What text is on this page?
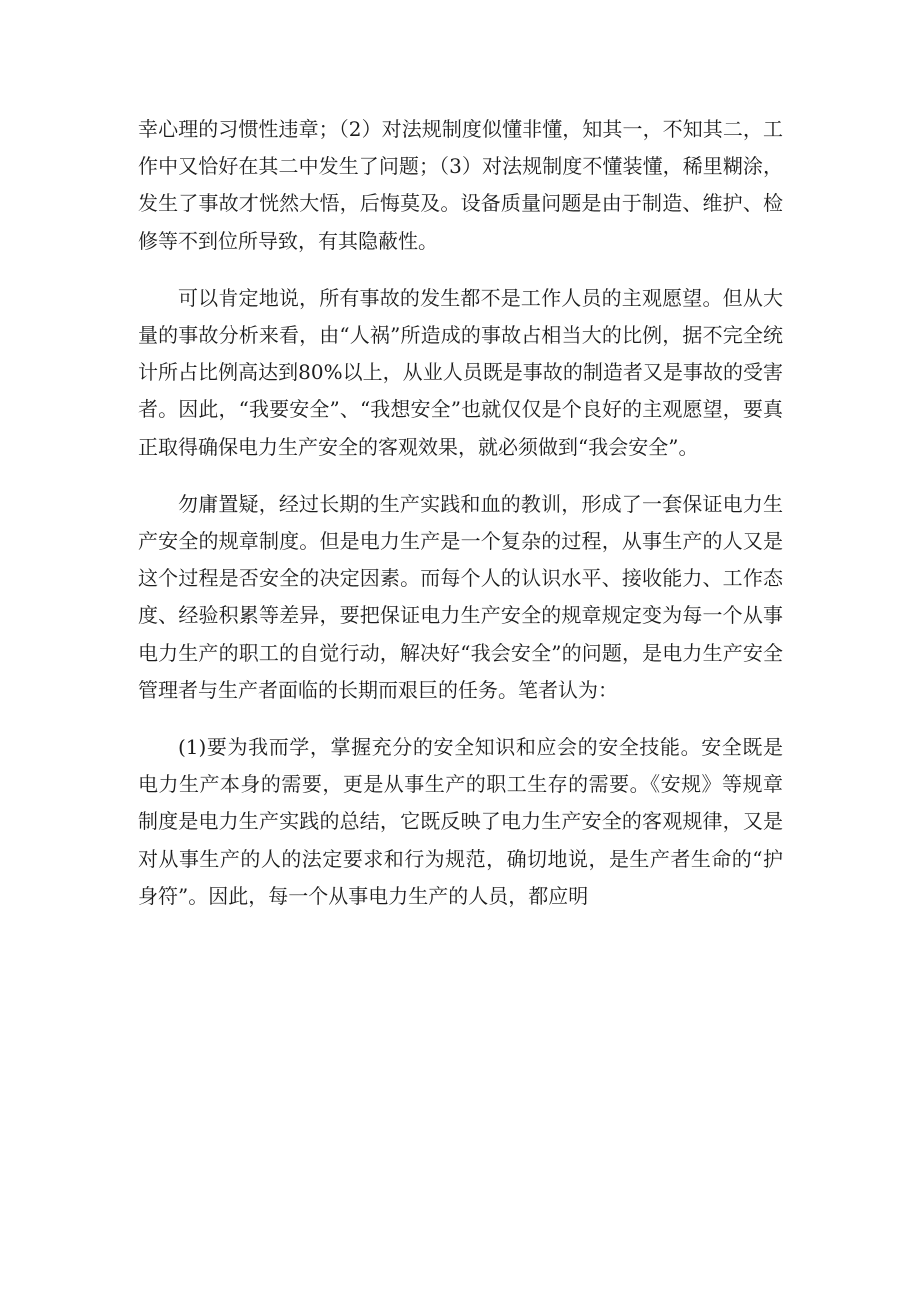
幸心理的习惯性违章；（2）对法规制度似懂非懂，知其一，不知其二，工作中又恰好在其二中发生了问题；（3）对法规制度不懂装懂，稀里糊涂，发生了事故才恍然大悟，后悔莫及。设备质量问题是由于制造、维护、检修等不到位所导致，有其隐蔽性。

可以肯定地说，所有事故的发生都不是工作人员的主观愿望。但从大量的事故分析来看，由“人祸”所造成的事故占相当大的比例，据不完全统计所占比例高达到80%以上，从业人员既是事故的制造者又是事故的受害者。因此，“我要安全”、“我想安全”也就仅仅是个良好的主观愿望，要真正取得确保电力生产安全的客观效果，就必须做到“我会安全”。

勿庸置疑，经过长期的生产实践和血的教训，形成了一套保证电力生产安全的规章制度。但是电力生产是一个复杂的过程，从事生产的人又是这个过程是否安全的决定因素。而每个人的认识水平、接收能力、工作态度、经验积累等差异，要把保证电力生产安全的规章规定变为每一个从事电力生产的职工的自觉行动，解决好“我会安全”的问题，是电力生产安全管理者与生产者面临的长期而艰巨的任务。笔者认为：

(1)要为我而学，掌握充分的安全知识和应会的安全技能。安全既是电力生产本身的需要，更是从事生产的职工生存的需要。《安规》等规章制度是电力生产实践的总结，它既反映了电力生产安全的客观规律，又是对从事生产的人的法定要求和行为规范，确切地说，是生产者生命的“护身符”。因此，每一个从事电力生产的人员，都应明
